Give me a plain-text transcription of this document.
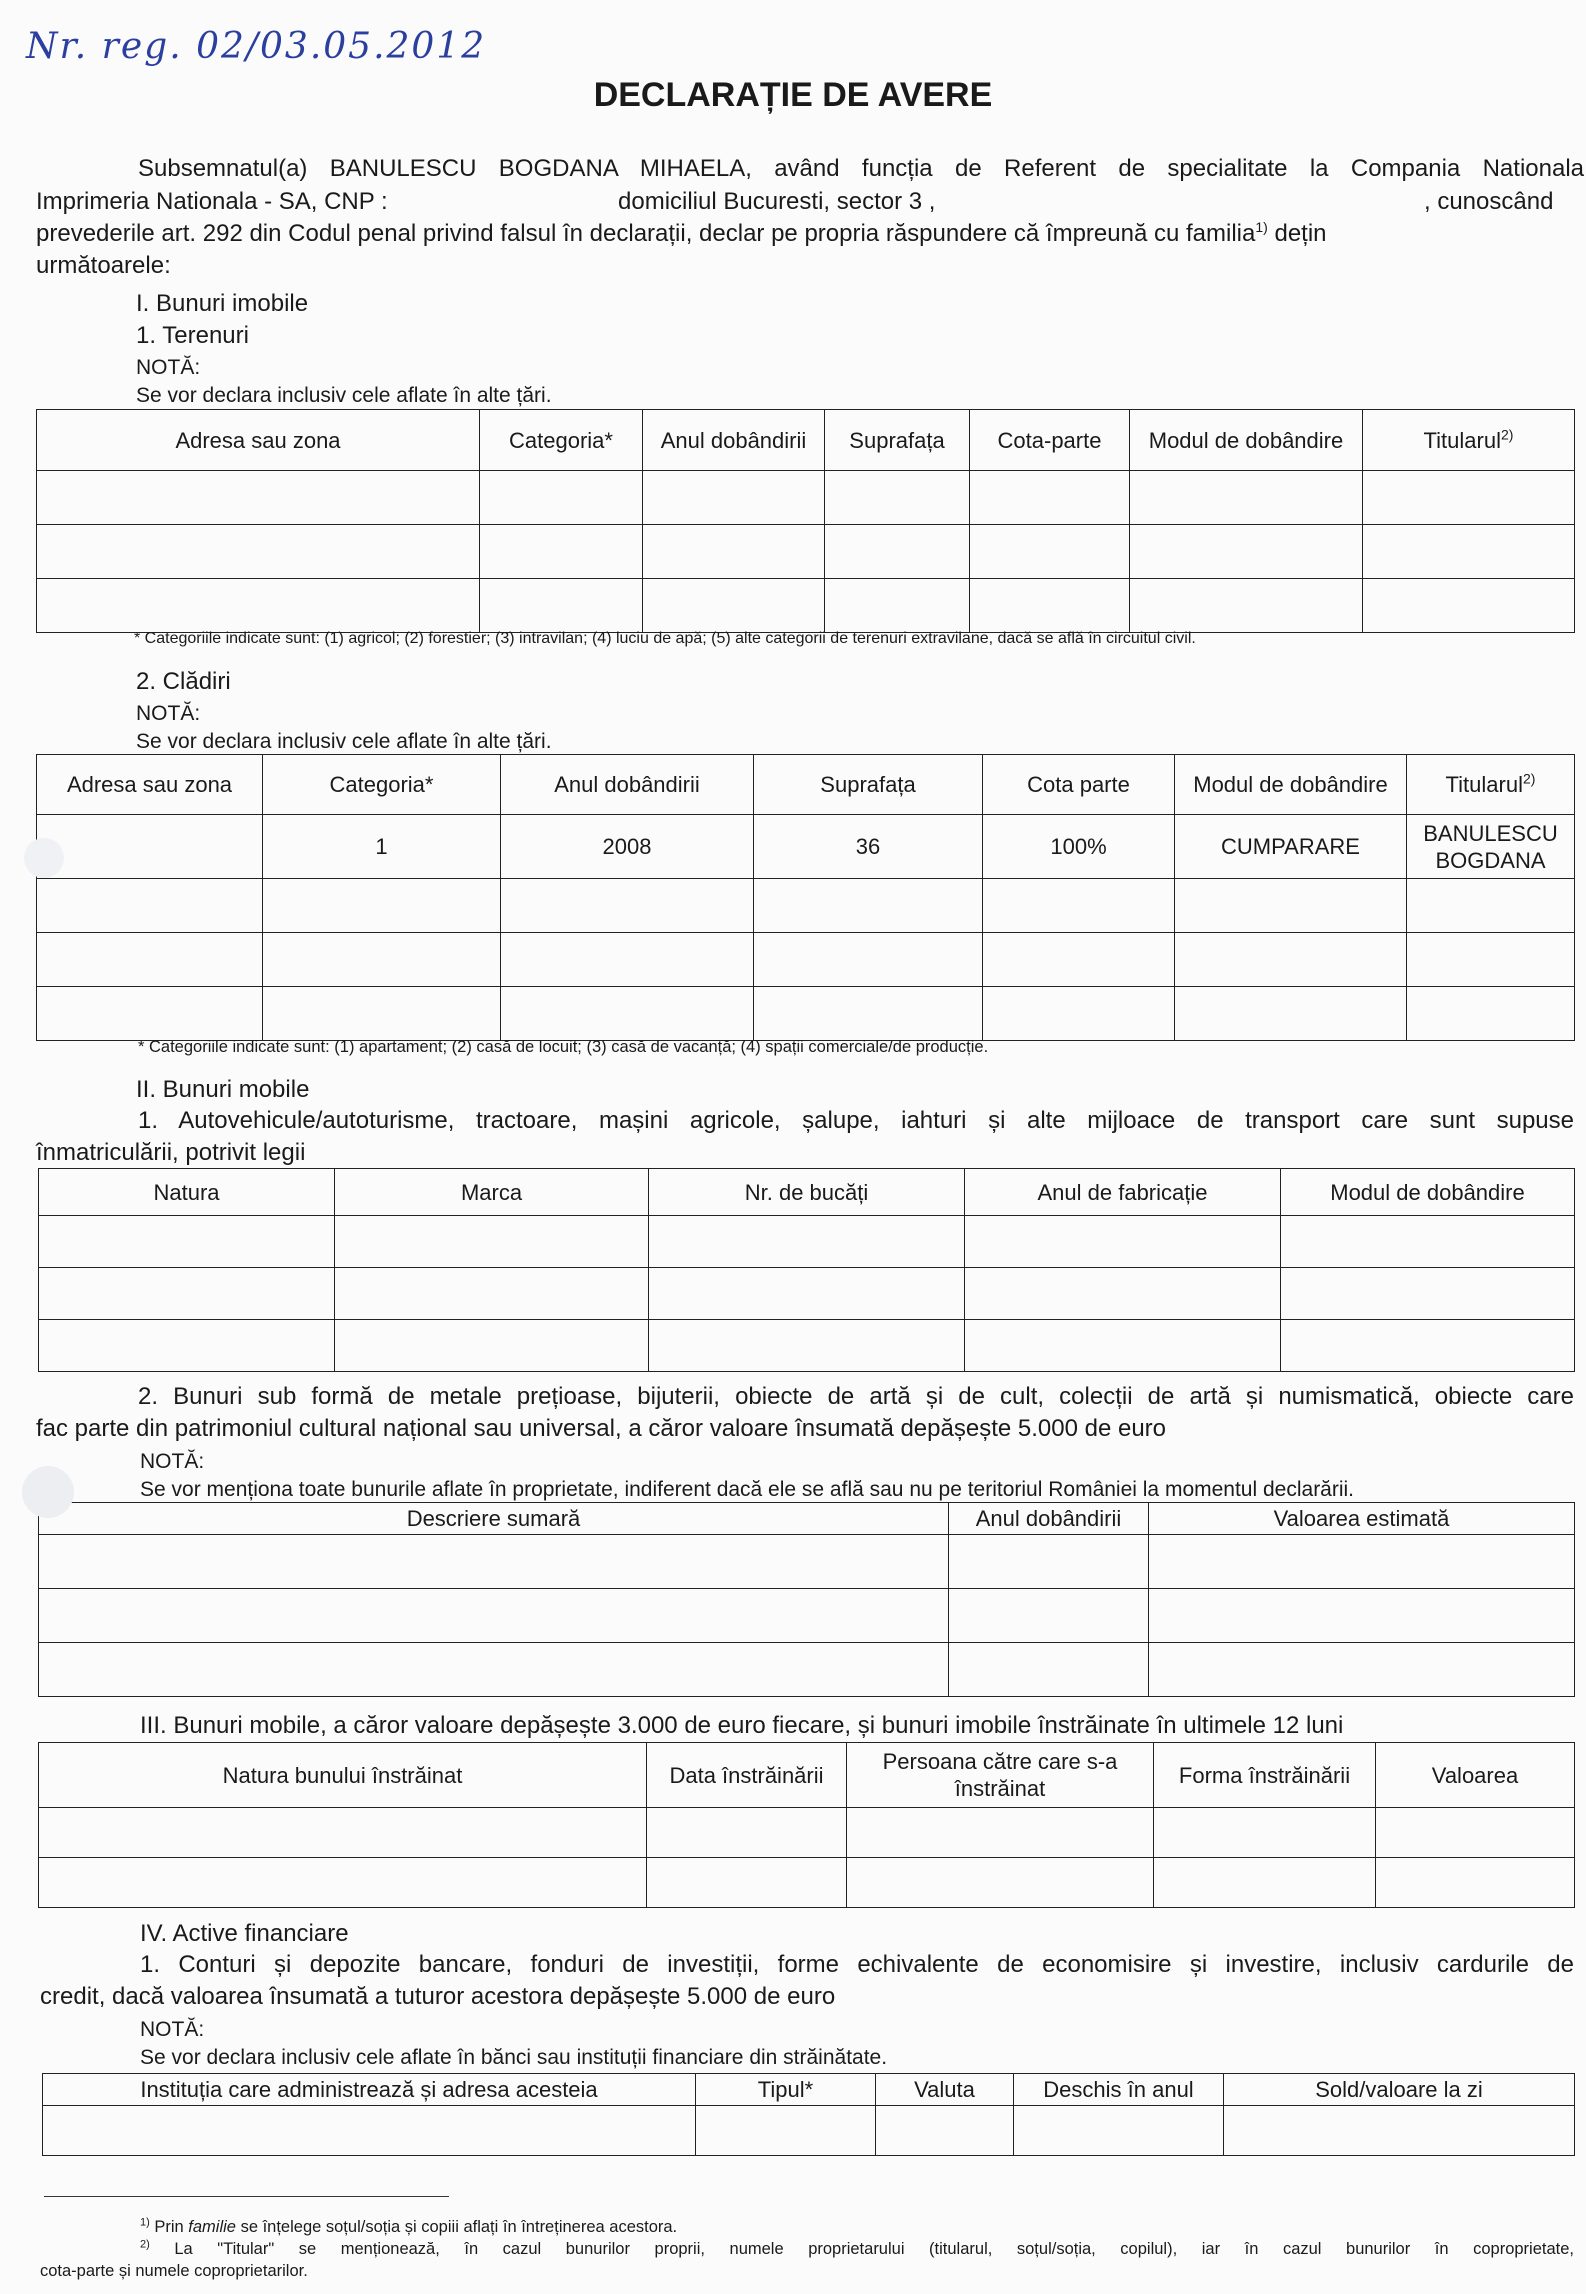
Nr. reg. 02/03.05.2012
DECLARAȚIE DE AVERE
Subsemnatul(a) BANULESCU BOGDANA MIHAELA, având funcția de Referent de specialitate la Compania Nationala
Imprimeria Nationala - SA, CNP :	domiciliul Bucuresti, sector 3 ,	, cunoscând
prevederile art. 292 din Codul penal privind falsul în declarații, declar pe propria răspundere că împreună cu familia$^{1)}$ dețin
următoarele:
I. Bunuri imobile
1. Terenuri
NOTĂ:
Se vor declara inclusiv cele aflate în alte țări.
Adresa sau zona	Categoria*	Anul dobândirii	Suprafața	Cota-parte	Modul de dobândire	Titularul$^{2)}$

* Categoriile indicate sunt: (1) agricol; (2) forestier; (3) intravilan; (4) luciu de apă; (5) alte categorii de terenuri extravilane, dacă se află în circuitul civil.
2. Clădiri
NOTĂ:
Se vor declara inclusiv cele aflate în alte țări.
Adresa sau zona	Categoria*	Anul dobândirii	Suprafața	Cota parte	Modul de dobândire	Titularul$^{2)}$
	1	2008	36	100%	CUMPARARE	BANULESCU BOGDANA

* Categoriile indicate sunt: (1) apartament; (2) casă de locuit; (3) casă de vacanță; (4) spații comerciale/de producție.
II. Bunuri mobile
1. Autovehicule/autoturisme, tractoare, mașini agricole, șalupe, iahturi și alte mijloace de transport care sunt supuse
înmatriculării, potrivit legii
Natura	Marca	Nr. de bucăți	Anul de fabricație	Modul de dobândire

2. Bunuri sub formă de metale prețioase, bijuterii, obiecte de artă și de cult, colecții de artă și numismatică, obiecte care
fac parte din patrimoniul cultural național sau universal, a căror valoare însumată depășește 5.000 de euro
NOTĂ:
Se vor menționa toate bunurile aflate în proprietate, indiferent dacă ele se află sau nu pe teritoriul României la momentul declarării.
Descriere sumară	Anul dobândirii	Valoarea estimată

III. Bunuri mobile, a căror valoare depășește 3.000 de euro fiecare, și bunuri imobile înstrăinate în ultimele 12 luni
Natura bunului înstrăinat	Data înstrăinării	Persoana către care s-a înstrăinat	Forma înstrăinării	Valoarea

IV. Active financiare
1. Conturi și depozite bancare, fonduri de investiții, forme echivalente de economisire și investire, inclusiv cardurile de
credit, dacă valoarea însumată a tuturor acestora depășește 5.000 de euro
NOTĂ:
Se vor declara inclusiv cele aflate în bănci sau instituții financiare din străinătate.
Instituția care administrează și adresa acesteia	Tipul*	Valuta	Deschis în anul	Sold/valoare la zi

$^{1)}$ Prin familie se înțelege soțul/soția și copiii aflați în întreținerea acestora.
$^{2)}$ La "Titular" se menționează, în cazul bunurilor proprii, numele proprietarului (titularul, soțul/soția, copilul), iar în cazul bunurilor în coproprietate,
cota-parte și numele coproprietarilor.
